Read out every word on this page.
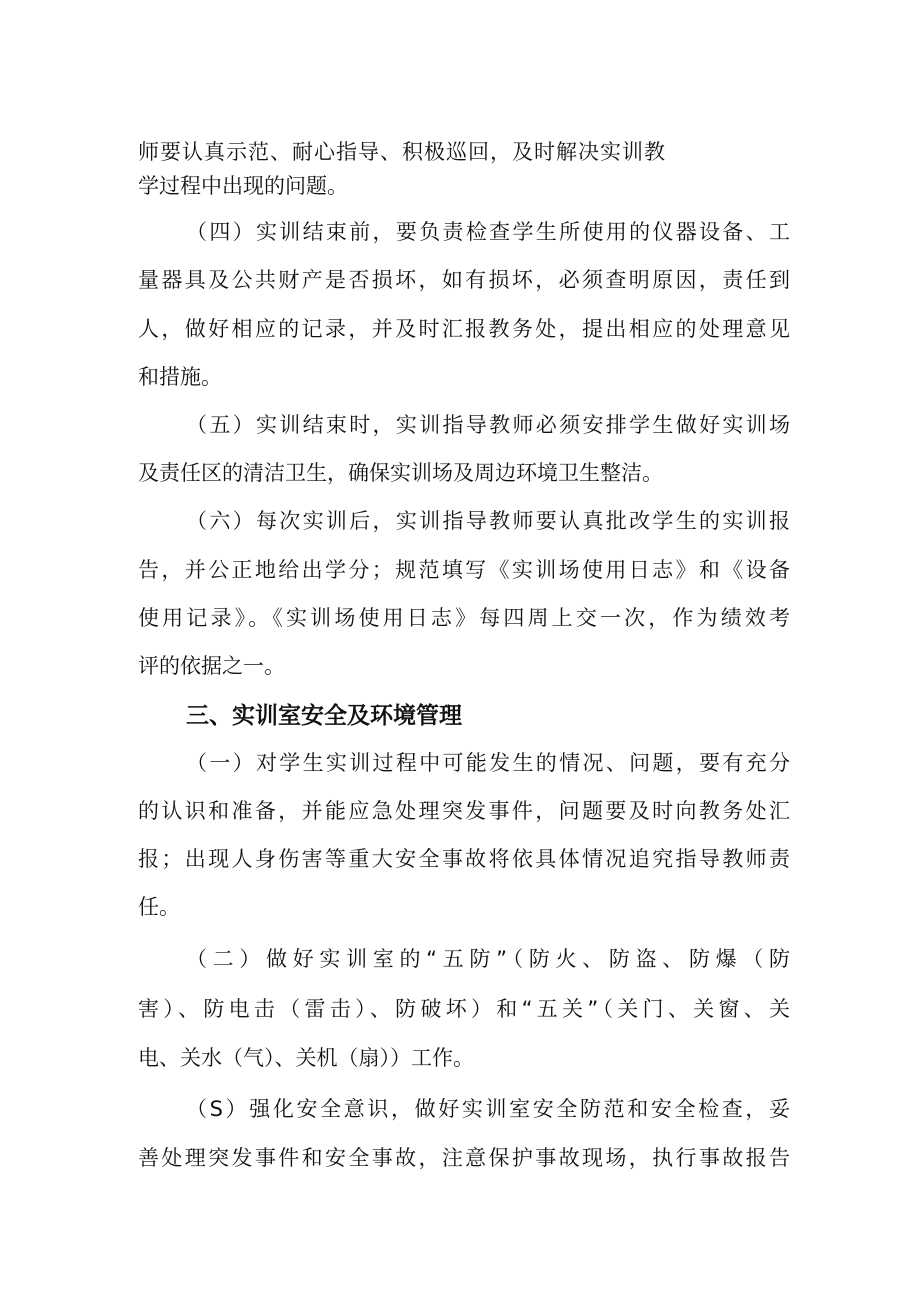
师要认真示范、耐心指导、积极巡回，及时解决实训教
学过程中出现的问题。
（四）实训结束前，要负责检查学生所使用的仪器设备、工
量器具及公共财产是否损坏，如有损坏，必须查明原因，责任到
人，做好相应的记录，并及时汇报教务处，提出相应的处理意见
和措施。
（五）实训结束时，实训指导教师必须安排学生做好实训场
及责任区的清洁卫生，确保实训场及周边环境卫生整洁。
（六）每次实训后，实训指导教师要认真批改学生的实训报
告，并公正地给出学分；规范填写《实训场使用日志》和《设备
使用记录》。《实训场使用日志》每四周上交一次，作为绩效考
评的依据之一。
三、实训室安全及环境管理
（一）对学生实训过程中可能发生的情况、问题，要有充分
的认识和准备，并能应急处理突发事件，问题要及时向教务处汇
报；出现人身伤害等重大安全事故将依具体情况追究指导教师责
任。
（二）做好实训室的“五防”（防火、防盗、防爆（防
害）、防电击（雷击）、防破坏）和“五关”（关门、关窗、关
电、关水（气）、关机（扇））工作。
（S）强化安全意识，做好实训室安全防范和安全检查，妥
善处理突发事件和安全事故，注意保护事故现场，执行事故报告
